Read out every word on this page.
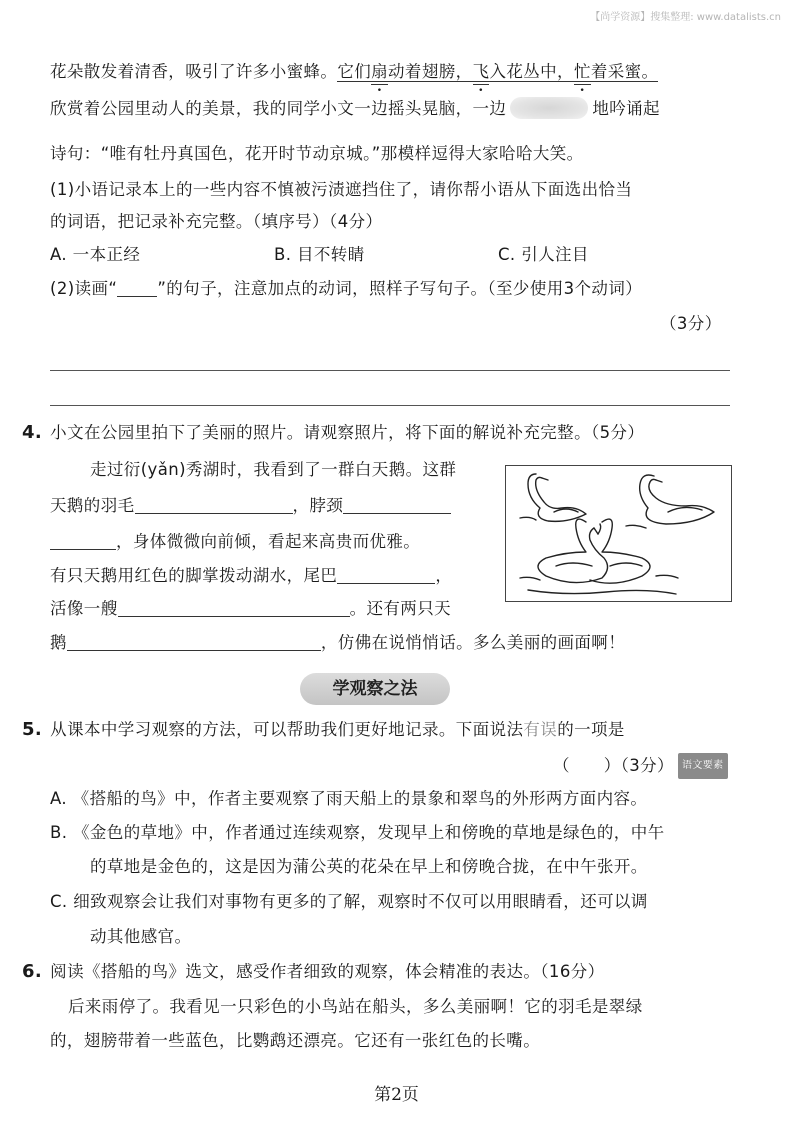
【尚学资源】搜集整理: www.datalists.cn
花朵散发着清香，吸引了许多小蜜蜂。它们扇动着翅膀，飞入花丛中，忙着采蜜。
欣赏着公园里动人的美景，我的同学小文一边摇头晃脑，一边	地吟诵起
诗句：“唯有牡丹真国色，花开时节动京城。”那模样逗得大家哈哈大笑。
(1)小语记录本上的一些内容不慎被污渍遮挡住了，请你帮小语从下面选出恰当
的词语，把记录补充完整。（填序号）（4分）
A. 一本正经	B. 目不转睛	C. 引人注目
(2)读画“ ”的句子，注意加点的动词，照样子写句子。（至少使用3个动词）
（3分）
4. 小文在公园里拍下了美丽的照片。请观察照片，将下面的解说补充完整。（5分）
走过衍(yǎn)秀湖时，我看到了一群白天鹅。这群
天鹅的羽毛	，脖颈
，身体微微向前倾，看起来高贵而优雅。
有只天鹅用红色的脚掌拨动湖水，尾巴	，
活像一艘	。还有两只天
鹅	，仿佛在说悄悄话。多么美丽的画面啊！
学观察之法
5. 从课本中学习观察的方法，可以帮助我们更好地记录。下面说法有误的一项是
（　　）（3分） 语文要素
A. 《搭船的鸟》中，作者主要观察了雨天船上的景象和翠鸟的外形两方面内容。
B. 《金色的草地》中，作者通过连续观察，发现早上和傍晚的草地是绿色的，中午
的草地是金色的，这是因为蒲公英的花朵在早上和傍晚合拢，在中午张开。
C. 细致观察会让我们对事物有更多的了解，观察时不仅可以用眼睛看，还可以调
动其他感官。
6. 阅读《搭船的鸟》选文，感受作者细致的观察，体会精准的表达。（16分）
后来雨停了。我看见一只彩色的小鸟站在船头，多么美丽啊！它的羽毛是翠绿
的，翅膀带着一些蓝色，比鹦鹉还漂亮。它还有一张红色的长嘴。
第2页
